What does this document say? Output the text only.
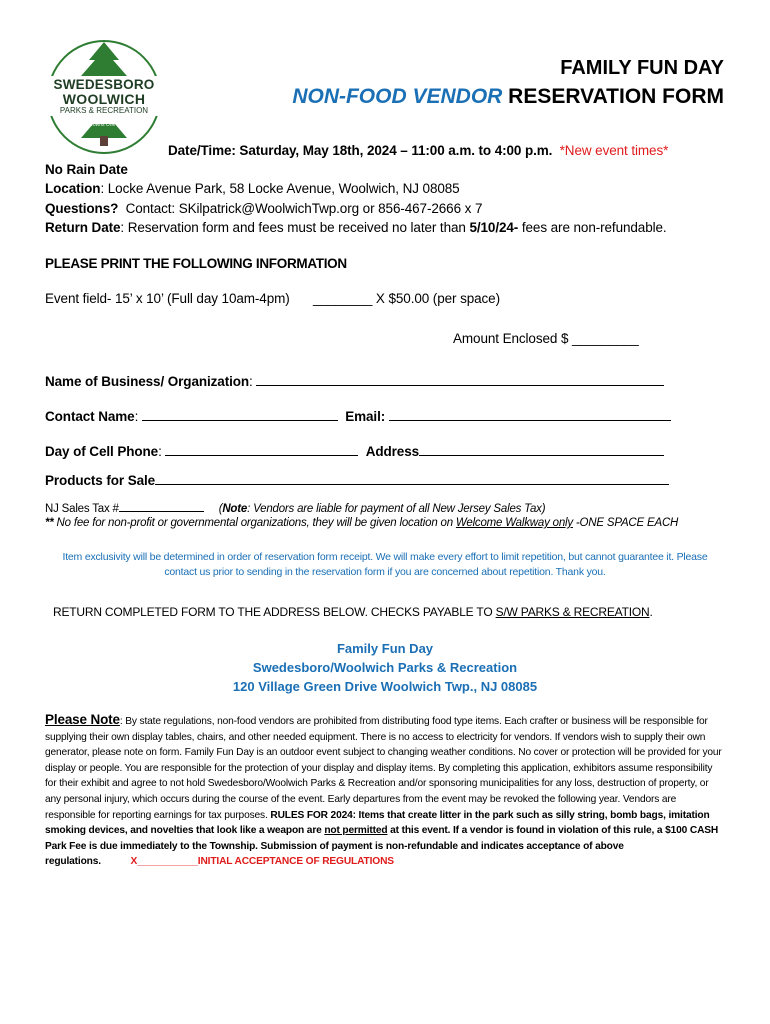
SWEDESBORO
WOOLWICH
PARKS & RECREATION
Two Towns One Spirit
FAMILY FUN DAY
NON-FOOD VENDOR RESERVATION FORM
Date/Time: Saturday, May 18th, 2024 – 11:00 a.m. to 4:00 p.m. *New event times*
No Rain Date
Location: Locke Avenue Park, 58 Locke Avenue, Woolwich, NJ 08085
Questions? Contact: SKilpatrick@WoolwichTwp.org or 856-467-2666 x 7
Return Date: Reservation form and fees must be received no later than 5/10/24- fees are non-refundable.
PLEASE PRINT THE FOLLOWING INFORMATION
Event field- 15’ x 10’ (Full day 10am-4pm) ________ X $50.00 (per space)
Amount Enclosed $ _________
Name of Business/ Organization:
Contact Name:	Email:
Day of Cell Phone:	Address
Products for Sale
NJ Sales Tax #	(Note: Vendors are liable for payment of all New Jersey Sales Tax)
** No fee for non-profit or governmental organizations, they will be given location on Welcome Walkway only -ONE SPACE EACH
Item exclusivity will be determined in order of reservation form receipt. We will make every effort to limit repetition, but cannot guarantee it. Please
contact us prior to sending in the reservation form if you are concerned about repetition. Thank you.
RETURN COMPLETED FORM TO THE ADDRESS BELOW. CHECKS PAYABLE TO S/W PARKS & RECREATION.
Family Fun Day
Swedesboro/Woolwich Parks & Recreation
120 Village Green Drive Woolwich Twp., NJ 08085
Please Note: By state regulations, non-food vendors are prohibited from distributing food type items. Each crafter or business will be responsible for supplying their own display tables, chairs, and other needed equipment. There is no access to electricity for vendors. If vendors wish to supply their own generator, please note on form. Family Fun Day is an outdoor event subject to changing weather conditions. No cover or protection will be provided for your display or people. You are responsible for the protection of your display and display items. By completing this application, exhibitors assume responsibility for their exhibit and agree to not hold Swedesboro/Woolwich Parks & Recreation and/or sponsoring municipalities for any loss, destruction of property, or any personal injury, which occurs during the course of the event. Early departures from the event may be revoked the following year. Vendors are responsible for reporting earnings for tax purposes. RULES FOR 2024: Items that create litter in the park such as silly string, bomb bags, imitation smoking devices, and novelties that look like a weapon are not permitted at this event. If a vendor is found in violation of this rule, a $100 CASH Park Fee is due immediately to the Township. Submission of payment is non-refundable and indicates acceptance of above regulations.	X___________INITIAL ACCEPTANCE OF REGULATIONS
